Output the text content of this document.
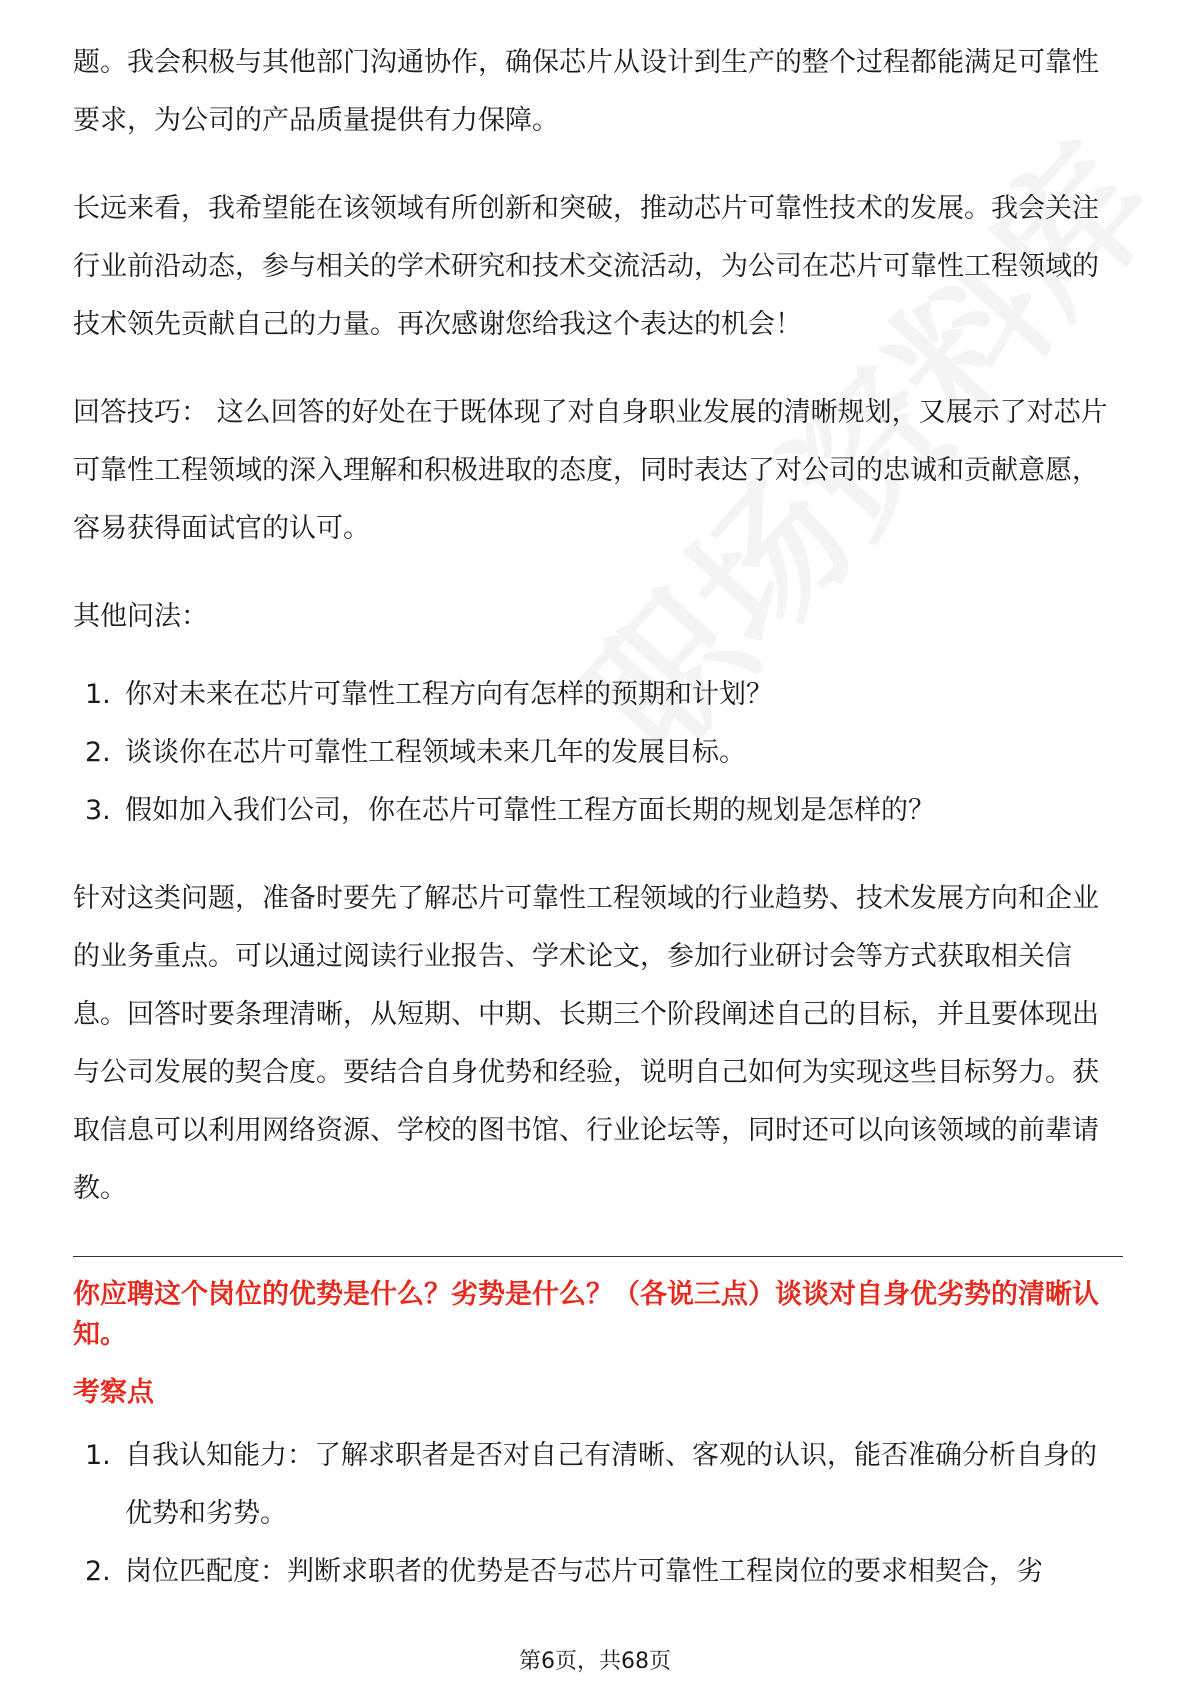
题。我会积极与其他部门沟通协作，确保芯片从设计到生产的整个过程都能满足可靠性要求，为公司的产品质量提供有力保障。

长远来看，我希望能在该领域有所创新和突破，推动芯片可靠性技术的发展。我会关注行业前沿动态，参与相关的学术研究和技术交流活动，为公司在芯片可靠性工程领域的技术领先贡献自己的力量。再次感谢您给我这个表达的机会！

回答技巧： 这么回答的好处在于既体现了对自身职业发展的清晰规划，又展示了对芯片可靠性工程领域的深入理解和积极进取的态度，同时表达了对公司的忠诚和贡献意愿，容易获得面试官的认可。

其他问法：

1. 你对未来在芯片可靠性工程方向有怎样的预期和计划？
2. 谈谈你在芯片可靠性工程领域未来几年的发展目标。
3. 假如加入我们公司，你在芯片可靠性工程方面长期的规划是怎样的？

针对这类问题，准备时要先了解芯片可靠性工程领域的行业趋势、技术发展方向和企业的业务重点。可以通过阅读行业报告、学术论文，参加行业研讨会等方式获取相关信息。回答时要条理清晰，从短期、中期、长期三个阶段阐述自己的目标，并且要体现出与公司发展的契合度。要结合自身优势和经验，说明自己如何为实现这些目标努力。获取信息可以利用网络资源、学校的图书馆、行业论坛等，同时还可以向该领域的前辈请教。

你应聘这个岗位的优势是什么？劣势是什么？（各说三点）谈谈对自身优劣势的清晰认知。

考察点

1. 自我认知能力：了解求职者是否对自己有清晰、客观的认识，能否准确分析自身的优势和劣势。
2. 岗位匹配度：判断求职者的优势是否与芯片可靠性工程岗位的要求相契合，劣
第6页，共68页
